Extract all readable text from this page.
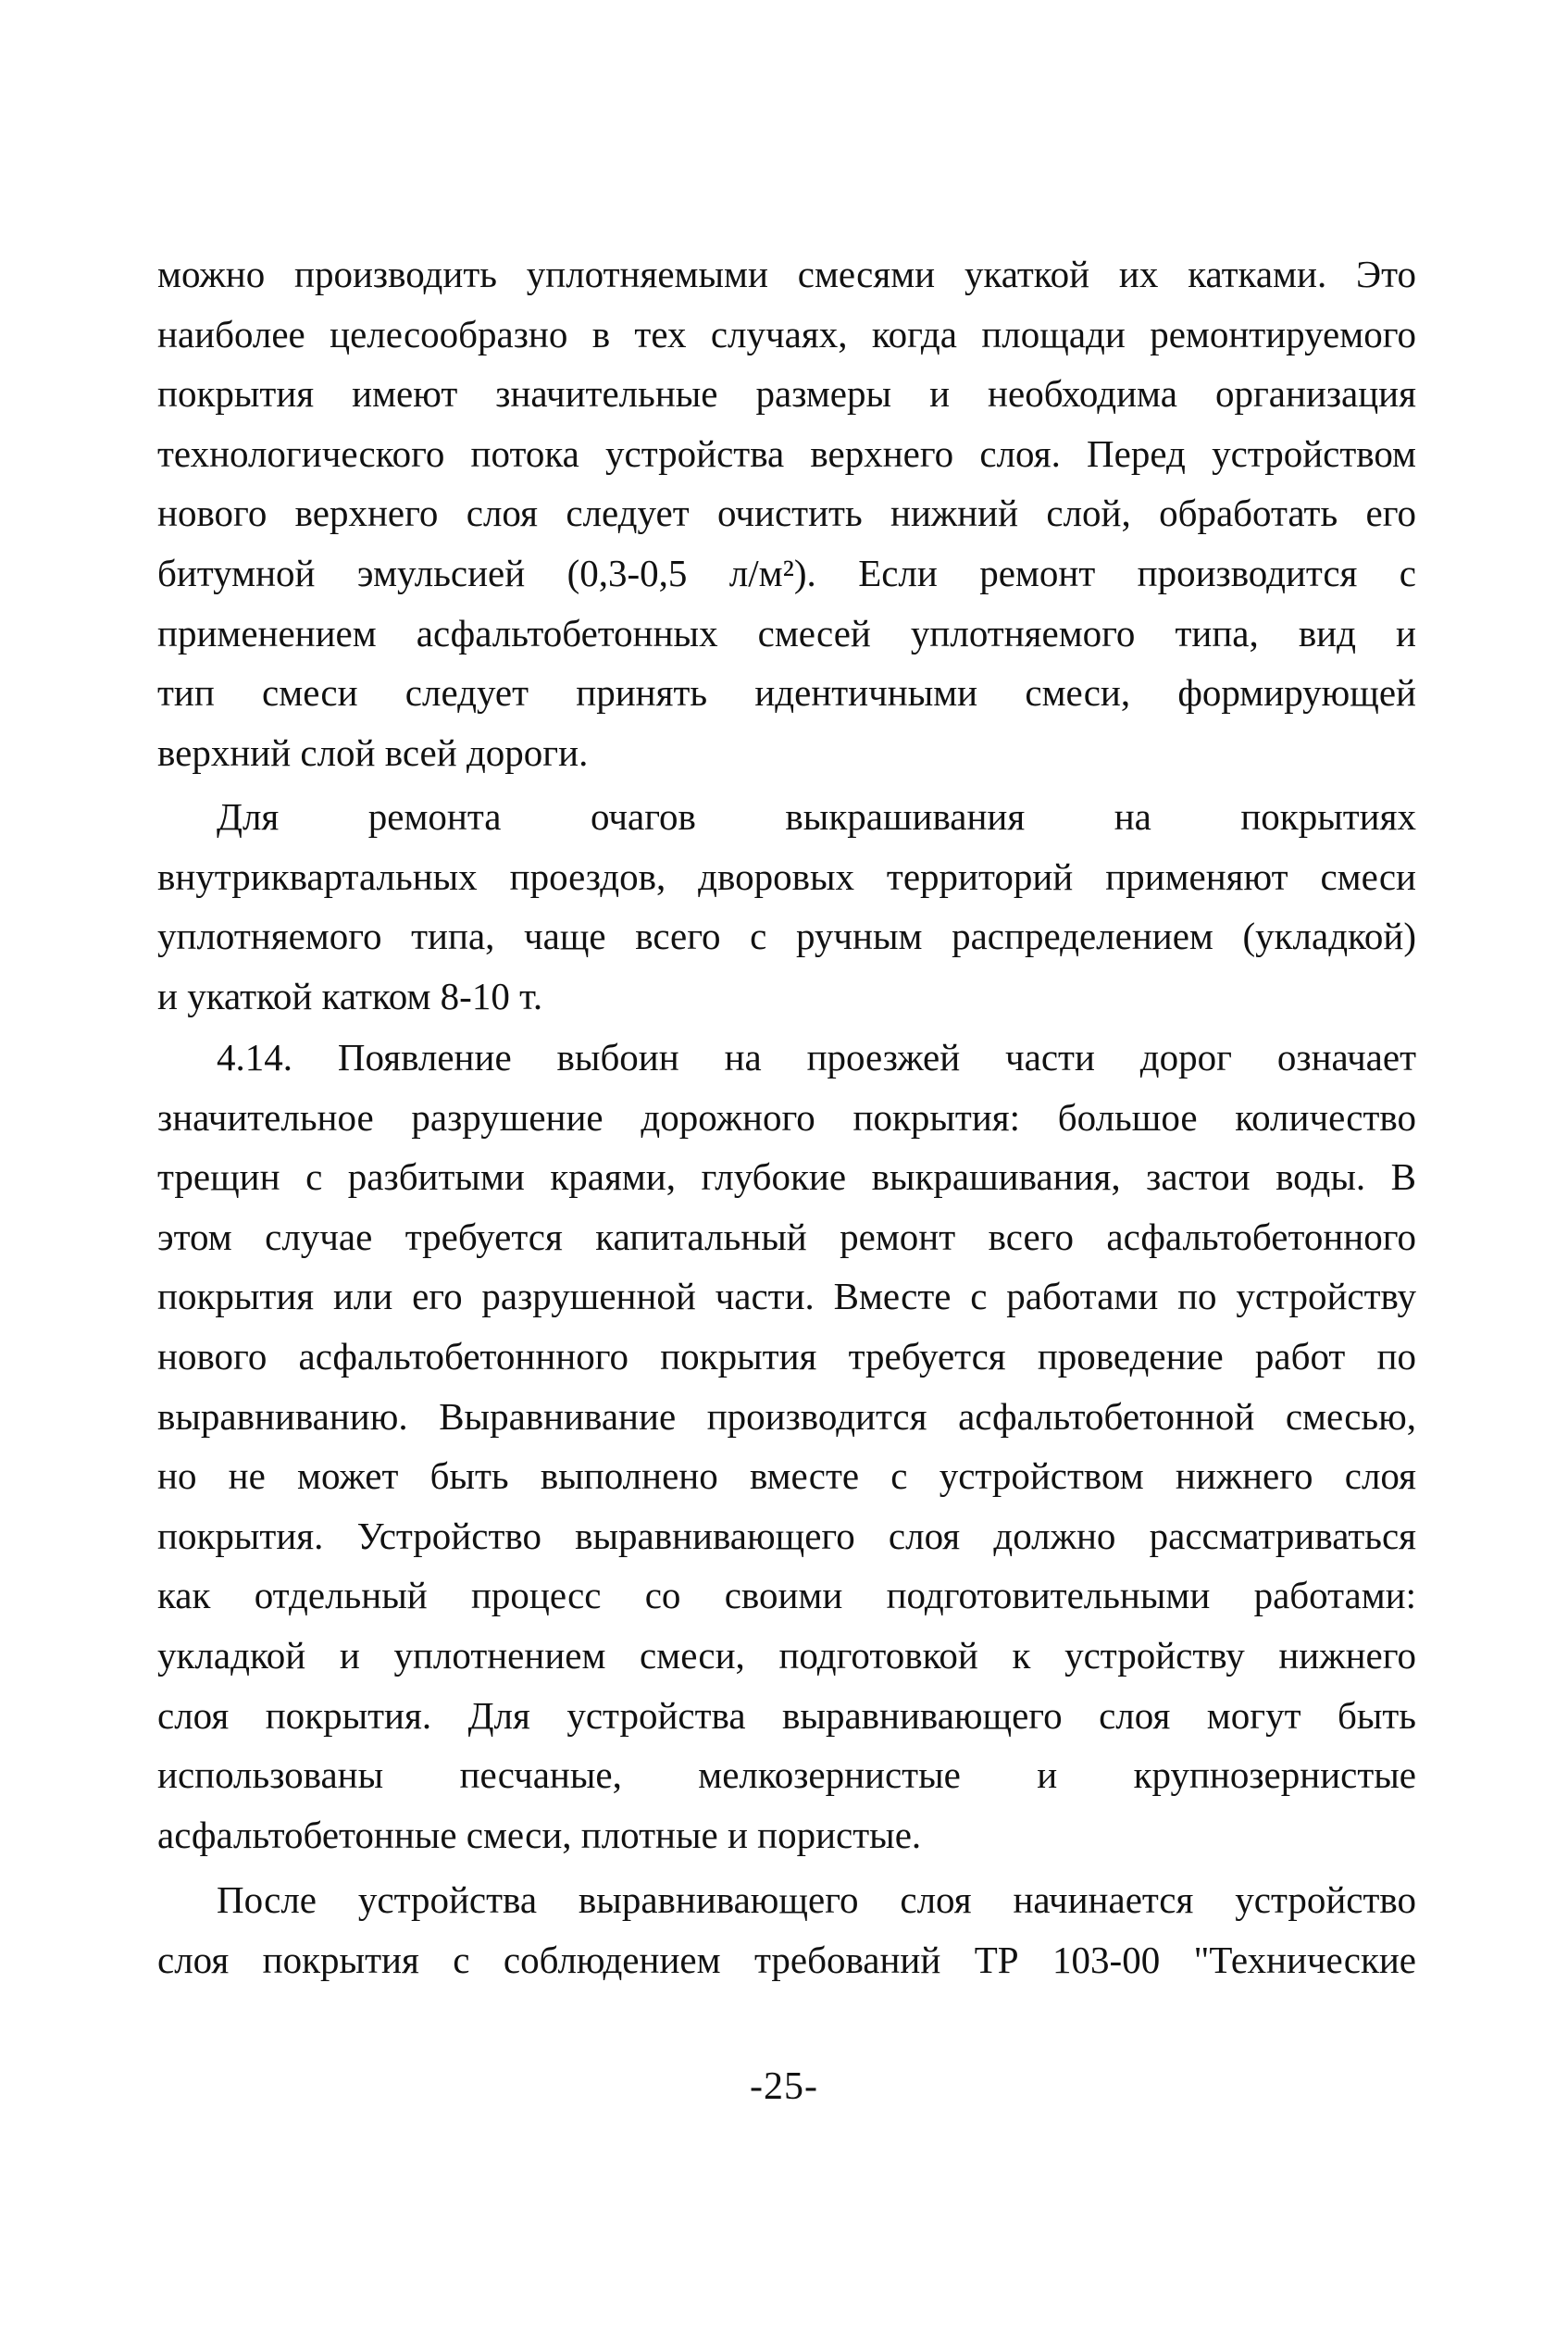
можно производить уплотняемыми смесями укаткой их катками. Это
наиболее целесообразно в тех случаях, когда площади ремонтируемого
покрытия имеют значительные размеры и необходима организация
технологического потока устройства верхнего слоя. Перед устройством
нового верхнего слоя следует очистить нижний слой, обработать его
битумной эмульсией (0,3-0,5 л/м²). Если ремонт производится с
применением асфальтобетонных смесей уплотняемого типа, вид и
тип смеси следует принять идентичными смеси, формирующей
верхний слой всей дороги.
Для ремонта очагов выкрашивания на покрытиях
внутриквартальных проездов, дворовых территорий применяют смеси
уплотняемого типа, чаще всего с ручным распределением (укладкой)
и укаткой катком 8-10 т.
4.14. Появление выбоин на проезжей части дорог означает
значительное разрушение дорожного покрытия: большое количество
трещин с разбитыми краями, глубокие выкрашивания, застои воды. В
этом случае требуется капитальный ремонт всего асфальтобетонного
покрытия или его разрушенной части. Вместе с работами по устройству
нового асфальтобетоннного покрытия требуется проведение работ по
выравниванию. Выравнивание производится асфальтобетонной смесью,
но не может быть выполнено вместе с устройством нижнего слоя
покрытия. Устройство выравнивающего слоя должно рассматриваться
как отдельный процесс со своими подготовительными работами:
укладкой и уплотнением смеси, подготовкой к устройству нижнего
слоя покрытия. Для устройства выравнивающего слоя могут быть
использованы песчаные, мелкозернистые и крупнозернистые
асфальтобетонные смеси, плотные и пористые.
После устройства выравнивающего слоя начинается устройство
слоя покрытия с соблюдением требований ТР 103-00 "Технические
-25-
